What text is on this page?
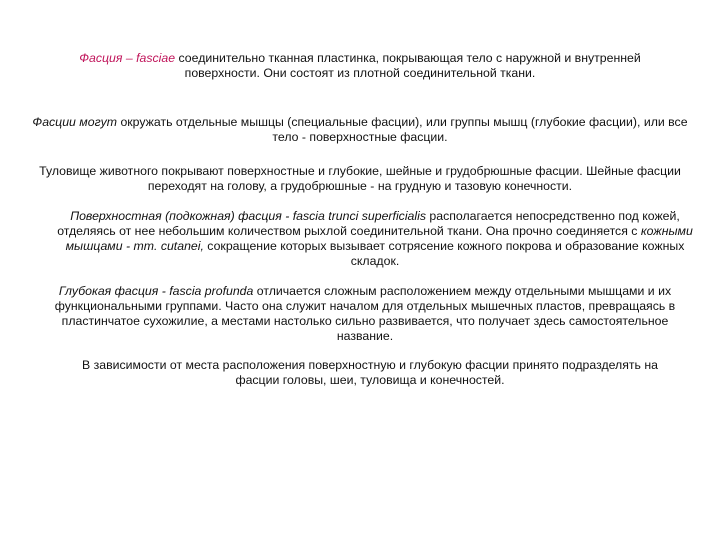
Фасция – fasciae соединительно тканная пластинка, покрывающая тело с наружной и внутренней поверхности. Они состоят из плотной соединительной ткани.

Фасции могут окружать отдельные мышцы (специальные фасции), или группы мышц (глубокие фасции), или все тело - поверхностные фасции.

Туловище животного покрывают поверхностные и глубокие, шейные и грудобрюшные фасции. Шейные фасции переходят на голову, а грудобрюшные - на грудную и тазовую конечности.

Поверхностная (подкожная) фасция - fascia trunci superficialis располагается непосредственно под кожей, отделяясь от нее небольшим количеством рыхлой соединительной ткани. Она прочно соединяется с кожными мышцами - mm. cutanei, сокращение которых вызывает сотрясение кожного покрова и образование кожных складок.

Глубокая фасция - fascia profunda отличается сложным расположением между отдельными мышцами и их функциональными группами. Часто она служит началом для отдельных мышечных пластов, превращаясь в пластинчатое сухожилие, а местами настолько сильно развивается, что получает здесь самостоятельное название.

В зависимости от места расположения поверхностную и глубокую фасции принято подразделять на фасции головы, шеи, туловища и конечностей.
